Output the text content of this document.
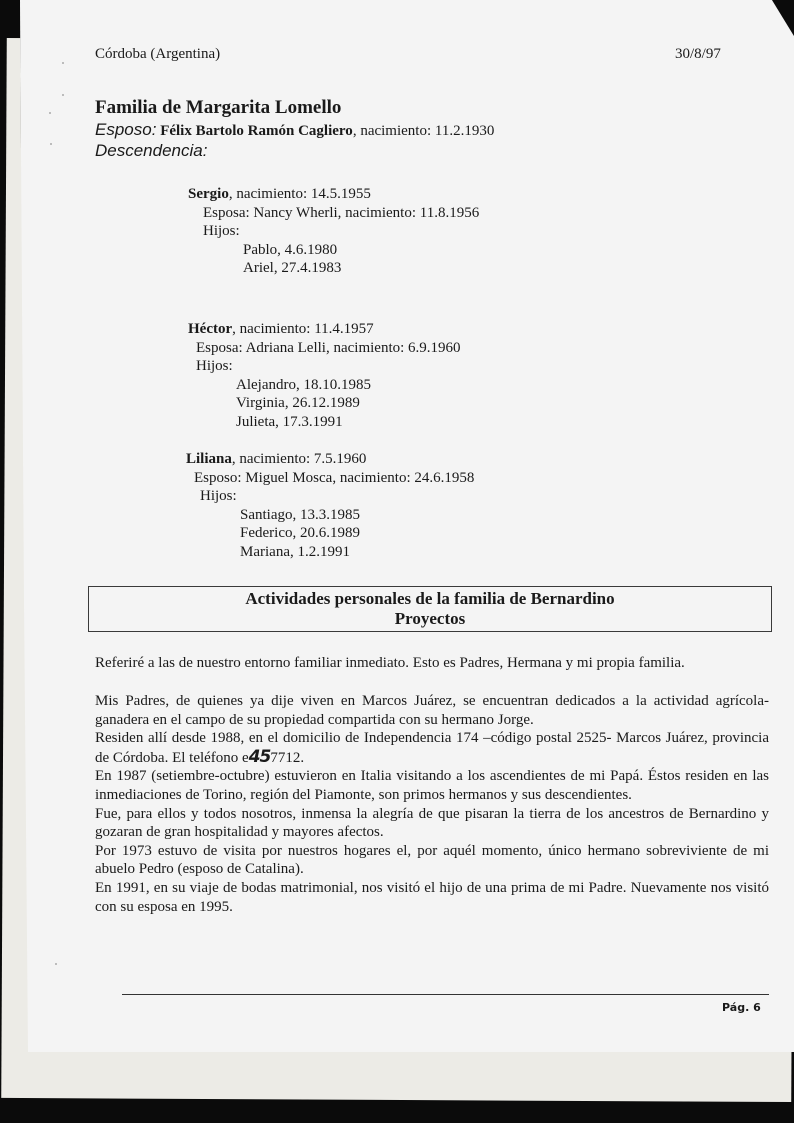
Córdoba (Argentina)	30/8/97
Familia de Margarita Lomello
Esposo: Félix Bartolo Ramón Cagliero, nacimiento: 11.2.1930
Descendencia:
Sergio, nacimiento: 14.5.1955
Esposa: Nancy Wherli, nacimiento: 11.8.1956
Hijos:
Pablo, 4.6.1980
Ariel, 27.4.1983
Héctor, nacimiento: 11.4.1957
Esposa: Adriana Lelli, nacimiento: 6.9.1960
Hijos:
Alejandro, 18.10.1985
Virginia, 26.12.1989
Julieta, 17.3.1991
Liliana, nacimiento: 7.5.1960
Esposo: Miguel Mosca, nacimiento: 24.6.1958
Hijos:
Santiago, 13.3.1985
Federico, 20.6.1989
Mariana, 1.2.1991
Actividades personales de la familia de Bernardino
Proyectos
Referiré a las de nuestro entorno familiar inmediato. Esto es Padres, Hermana y mi propia familia.
Mis Padres, de quienes ya dije viven en Marcos Juárez, se encuentran dedicados a la actividad agrícola-ganadera en el campo de su propiedad compartida con su hermano Jorge.
Residen allí desde 1988, en el domicilio de Independencia 174 –código postal 2525- Marcos Juárez, provincia de Córdoba. El teléfono e457712.
En 1987 (setiembre-octubre) estuvieron en Italia visitando a los ascendientes de mi Papá. Éstos residen en las inmediaciones de Torino, región del Piamonte, son primos hermanos y sus descendientes.
Fue, para ellos y todos nosotros, inmensa la alegría de que pisaran la tierra de los ancestros de Bernardino y gozaran de gran hospitalidad y mayores afectos.
Por 1973 estuvo de visita por nuestros hogares el, por aquél momento, único hermano sobreviviente de mi abuelo Pedro (esposo de Catalina).
En 1991, en su viaje de bodas matrimonial, nos visitó el hijo de una prima de mi Padre. Nuevamente nos visitó con su esposa en 1995.
Pág. 6
